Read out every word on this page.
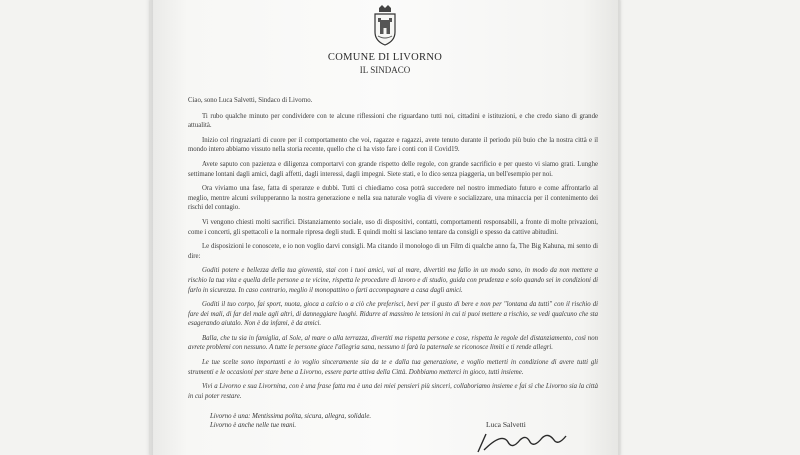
COMUNE DI LIVORNO
IL SINDACO

Ciao, sono Luca Salvetti, Sindaco di Livorno.

Ti rubo qualche minuto per condividere con te alcune riflessioni che riguardano tutti noi, cittadini e istituzioni, e che credo siano di grande attualità.

Inizio col ringraziarti di cuore per il comportamento che voi, ragazze e ragazzi, avete tenuto durante il periodo più buio che la nostra città e il mondo intero abbiamo vissuto nella storia recente, quello che ci ha visto fare i conti con il Covid19.

Avete saputo con pazienza e diligenza comportarvi con grande rispetto delle regole, con grande sacrificio e per questo vi siamo grati. Lunghe settimane lontani dagli amici, dagli affetti, dagli interessi, dagli impegni. Siete stati, e lo dico senza piaggeria, un bell'esempio per noi.

Ora viviamo una fase, fatta di speranze e dubbi. Tutti ci chiediamo cosa potrà succedere nel nostro immediato futuro e come affrontarlo al meglio, mentre alcuni svilupperanno la nostra generazione e nella sua naturale voglia di vivere e socializzare, una minaccia per il contenimento dei rischi del contagio.

Vi vengono chiesti molti sacrifici. Distanziamento sociale, uso di dispositivi, contatti, comportamenti responsabili, a fronte di molte privazioni, come i concerti, gli spettacoli e la normale ripresa degli studi. E quindi molti si lasciano tentare da consigli e spesso da cattive abitudini.

Le disposizioni le conoscete, e io non voglio darvi consigli. Ma citando il monologo di un Film di qualche anno fa, The Big Kahuna, mi sento di dire:

Goditi potere e bellezza della tua gioventù, stai con i tuoi amici, vai al mare, divertiti ma fallo in un modo sano, in modo da non mettere a rischio la tua vita e quella delle persone a te vicine, rispetta le procedure di lavoro e di studio, guida con prudenza e solo quando sei in condizioni di farlo in sicurezza. In caso contrario, meglio il monopattino o farti accompagnare a casa dagli amici.

Goditi il tuo corpo, fai sport, nuota, gioca a calcio o a ciò che preferisci, bevi per il gusto di bere e non per "lontana da tutti" con il rischio di fare dei mali, di far del male agli altri, di danneggiare luoghi. Ridurre al massimo le tensioni in cui ti puoi mettere a rischio, se vedi qualcuno che sta esagerando aiutalo. Non è da infami, è da amici.

Balla, che tu sia in famiglia, al Sole, al mare o alla terrazza, divertiti ma rispetta persone e cose, rispetta le regole del distanziamento, così non avrete problemi con nessuno. A tutte le persone giace l'allegria sana, nessuno ti farà la paternale se riconosce limiti e ti rende allegri.

Le tue scelte sono importanti e io voglio sinceramente sia da te e dalla tua generazione, e voglio metterti in condizione di avere tutti gli strumenti e le occasioni per stare bene a Livorno, essere parte attiva della Città. Dobbiamo metterci in gioco, tutti insieme.

Vivi a Livorno e sua Livornina, con è una frase fatta ma è una dei miei pensieri più sinceri, collaboriamo insieme e fai sì che Livorno sia la città in cui poter restare.

Livorno è una: Mentissima polita, sicura, allegra, solidale.
Livorno è anche nelle tue mani.	Luca Salvetti
